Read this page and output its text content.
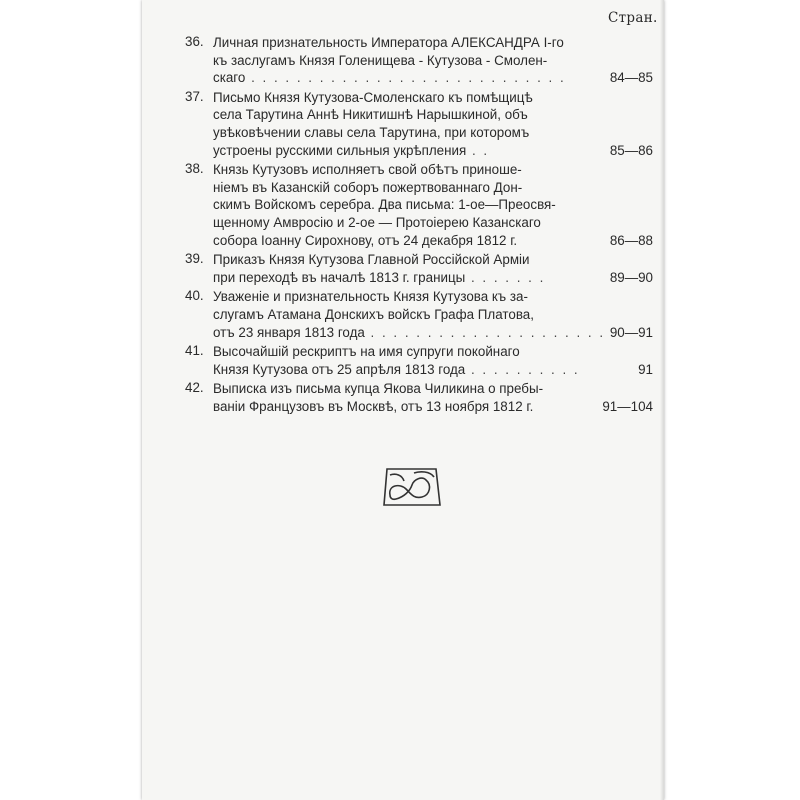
Стран.
36. Личная признательность Императора АЛЕКСАНДРА І-го
къ заслугамъ Князя Голенищева - Кутузова - Смолен-
скаго . . . . . . . . . . . . . . . . . . . . . . . . . . . .	84—85
37. Письмо Князя Кутузова-Смоленскаго къ помѣщицѣ
села Тарутина Аннѣ Никитишнѣ Нарышкиной, объ
увѣковѣчении славы села Тарутина, при которомъ
устроены русскими сильныя укрѣпления . .	85—86
38. Князь Кутузовъ исполняетъ свой обѣтъ приноше-
ніемъ въ Казанскій соборъ пожертвованнаго Дон-
скимъ Войскомъ серебра. Два письма: 1-ое—Преосвя-
щенному Амвросію и 2-ое — Протоіерею Казанскаго
собора Іоанну Сирохнову, отъ 24 декабря 1812 г.	86—88
39. Приказъ Князя Кутузова Главной Россійской Арміи
при переходѣ въ началѣ 1813 г. границы . . . . . . .	89—90
40. Уваженіе и признательность Князя Кутузова къ за-
слугамъ Атамана Донскихъ войскъ Графа Платова,
отъ 23 января 1813 года . . . . . . . . . . . . . . . . . . . . . 90—91
41. Высочайшій рескриптъ на имя супруги покойнаго
Князя Кутузова отъ 25 апрѣля 1813 года . . . . . . . . . .	91
42. Выписка изъ письма купца Якова Чиликина о пребы-
ваніи Французовъ въ Москвѣ, отъ 13 ноября 1812 г.	91—104
